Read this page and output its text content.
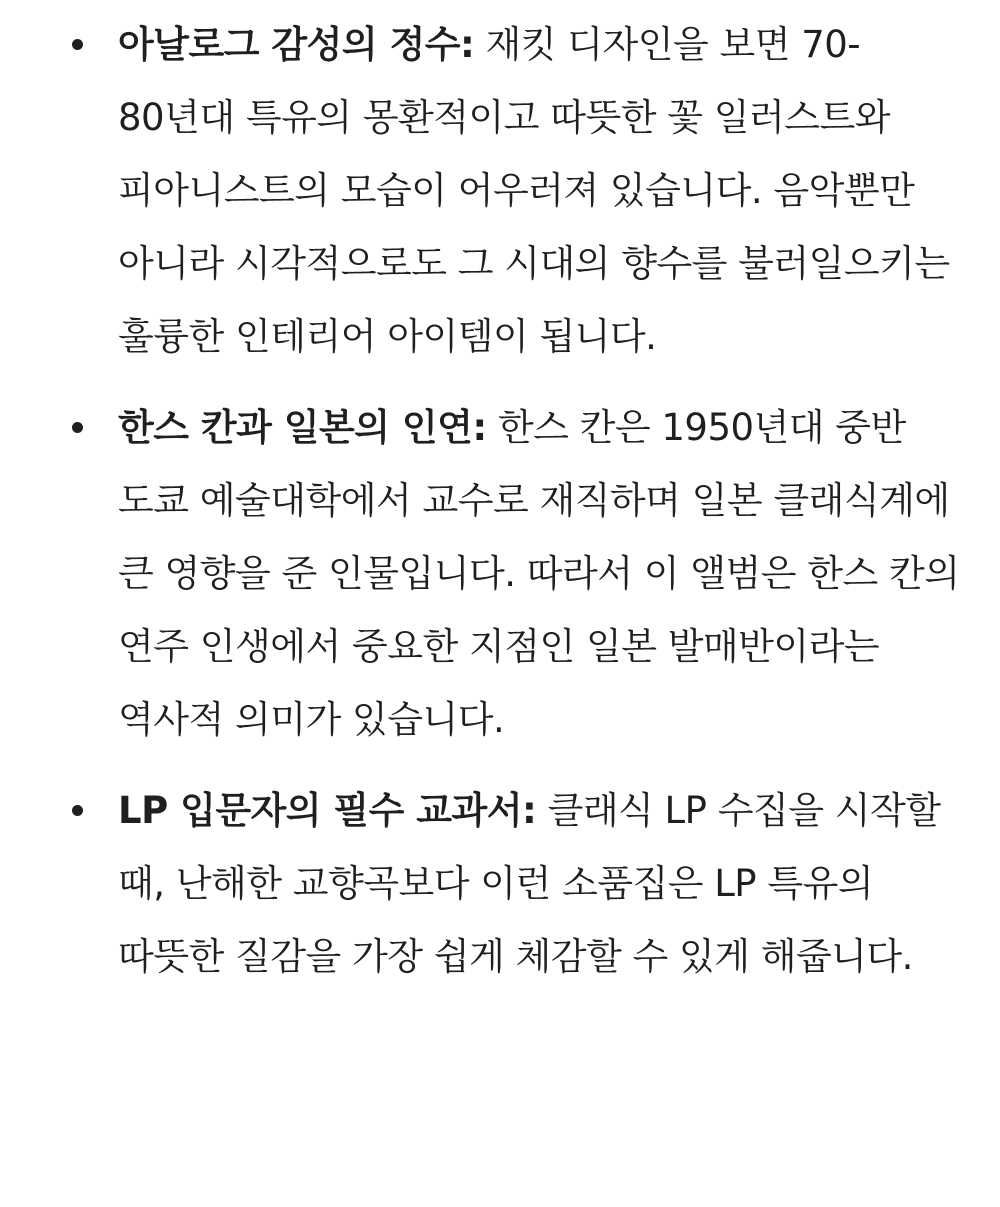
아날로그 감성의 정수: 재킷 디자인을 보면 70-80년대 특유의 몽환적이고 따뜻한 꽃 일러스트와 피아니스트의 모습이 어우러져 있습니다. 음악뿐만 아니라 시각적으로도 그 시대의 향수를 불러일으키는 훌륭한 인테리어 아이템이 됩니다.
한스 칸과 일본의 인연: 한스 칸은 1950년대 중반 도쿄 예술대학에서 교수로 재직하며 일본 클래식계에 큰 영향을 준 인물입니다. 따라서 이 앨범은 한스 칸의 연주 인생에서 중요한 지점인 일본 발매반이라는 역사적 의미가 있습니다.
LP 입문자의 필수 교과서: 클래식 LP 수집을 시작할 때, 난해한 교향곡보다 이런 소품집은 LP 특유의 따뜻한 질감을 가장 쉽게 체감할 수 있게 해줍니다.
